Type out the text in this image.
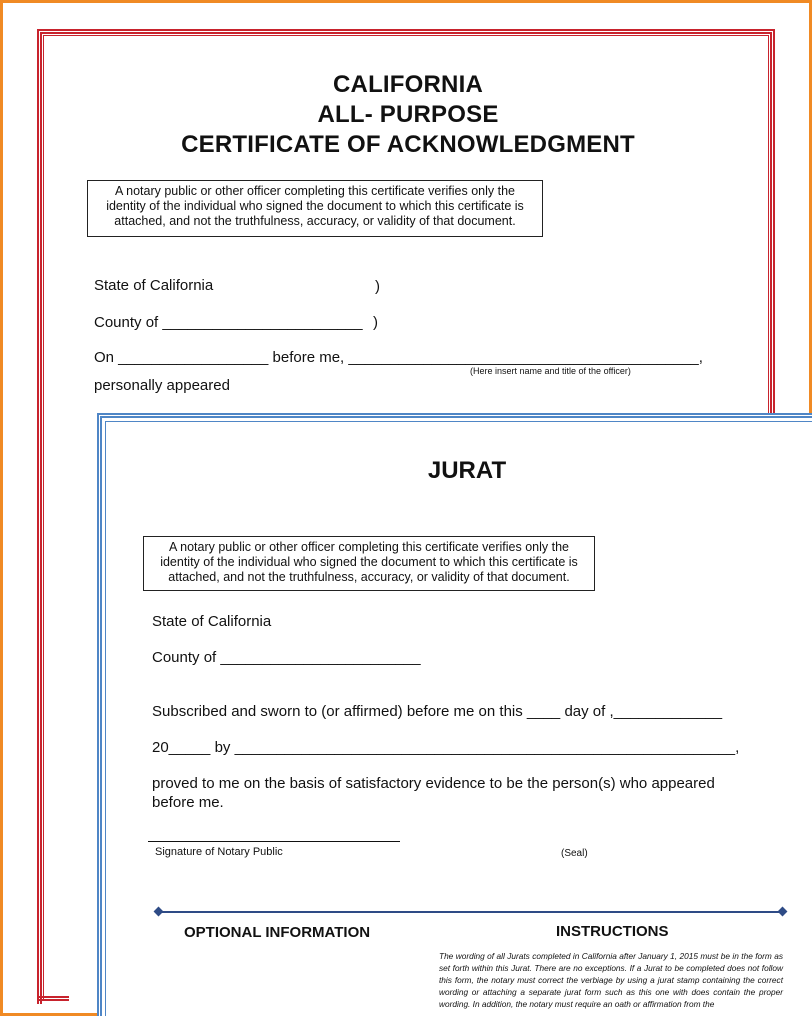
CALIFORNIA
ALL- PURPOSE
CERTIFICATE OF ACKNOWLEDGMENT
A notary public or other officer completing this certificate verifies only the identity of the individual who signed the document to which this certificate is attached, and not the truthfulness, accuracy, or validity of that document.
State of California	)
County of ________________________ )
On __________________ before me, __________________________________________,
(Here insert name and title of the officer)
personally appeared
JURAT
A notary public or other officer completing this certificate verifies only the identity of the individual who signed the document to which this certificate is attached, and not the truthfulness, accuracy, or validity of that document.
State of California
County of ________________________
Subscribed and sworn to (or affirmed) before me on this ____ day of ,_____________
20_____ by ____________________________________________________________,
proved to me on the basis of satisfactory evidence to be the person(s) who appeared before me.
Signature of Notary Public	(Seal)
OPTIONAL INFORMATION	INSTRUCTIONS
The wording of all Jurats completed in California after January 1, 2015 must be in the form as set forth within this Jurat. There are no exceptions. If a Jurat to be completed does not follow this form, the notary must correct the verbiage by using a jurat stamp containing the correct wording or attaching a separate jurat form such as this one with does contain the proper wording. In addition, the notary must require an oath or affirmation from the
